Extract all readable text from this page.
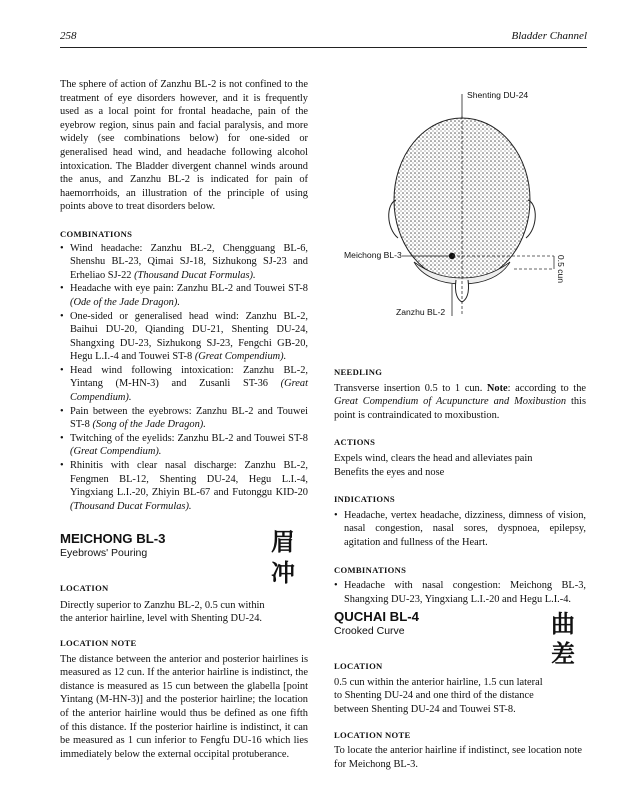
258	Bladder Channel

The sphere of action of Zanzhu BL-2 is not confined to the treatment of eye disorders however, and it is frequently used as a local point for frontal headache, pain of the eyebrow region, sinus pain and facial paralysis, and more widely (see combinations below) for one-sided or generalised head wind, and headache following alcohol intoxication. The Bladder divergent channel winds around the anus, and Zanzhu BL-2 is indicated for pain of haemorrhoids, an illustration of the principle of using points above to treat disorders below.

COMBINATIONS
• Wind headache: Zanzhu BL-2, Chengguang BL-6, Shenshu BL-23, Qimai SJ-18, Sizhukong SJ-23 and Erheliao SJ-22 (Thousand Ducat Formulas).
• Headache with eye pain: Zanzhu BL-2 and Touwei ST-8 (Ode of the Jade Dragon).
• One-sided or generalised head wind: Zanzhu BL-2, Baihui DU-20, Qianding DU-21, Shenting DU-24, Shangxing DU-23, Sizhukong SJ-23, Fengchi GB-20, Hegu L.I.-4 and Touwei ST-8 (Great Compendium).
• Head wind following intoxication: Zanzhu BL-2, Yintang (M-HN-3) and Zusanli ST-36 (Great Compendium).
• Pain between the eyebrows: Zanzhu BL-2 and Touwei ST-8 (Song of the Jade Dragon).
• Twitching of the eyelids: Zanzhu BL-2 and Touwei ST-8 (Great Compendium).
• Rhinitis with clear nasal discharge: Zanzhu BL-2, Fengmen BL-12, Shenting DU-24, Hegu L.I.-4, Yingxiang L.I.-20, Zhiyin BL-67 and Futonggu KID-20 (Thousand Ducat Formulas).
MEICHONG BL-3
Eyebrows' Pouring
LOCATION

Directly superior to Zanzhu BL-2, 0.5 cun within the anterior hairline, level with Shenting DU-24.

LOCATION NOTE

The distance between the anterior and posterior hairlines is measured as 12 cun. If the anterior hairline is indistinct, the distance is measured as 15 cun between the glabella [point Yintang (M-HN-3)] and the posterior hairline; the location of the anterior hairline would thus be defined as one fifth of this distance. If the posterior hairline is indistinct, it can be measured as 1 cun inferior to Fengfu DU-16 which lies immediately below the external occipital protuberance.

眉
冲
Shenting DU-24
Meichong BL-3
Zanzhu BL-2
0.5 cun
NEEDLING

Transverse insertion 0.5 to 1 cun. Note: according to the Great Compendium of Acupuncture and Moxibustion this point is contraindicated to moxibustion.

ACTIONS
Expels wind, clears the head and alleviates pain
Benefits the eyes and nose
INDICATIONS
• Headache, vertex headache, dizziness, dimness of vision, nasal congestion, nasal sores, dyspnoea, epilepsy, agitation and fullness of the Heart.
COMBINATIONS
• Headache with nasal congestion: Meichong BL-3, Shangxing DU-23, Yingxiang L.I.-20 and Hegu L.I.-4.
QUCHAI BL-4
Crooked Curve
LOCATION

0.5 cun within the anterior hairline, 1.5 cun lateral to Shenting DU-24 and one third of the distance between Shenting DU-24 and Touwei ST-8.

LOCATION NOTE

To locate the anterior hairline if indistinct, see location note for Meichong BL-3.

曲
差
